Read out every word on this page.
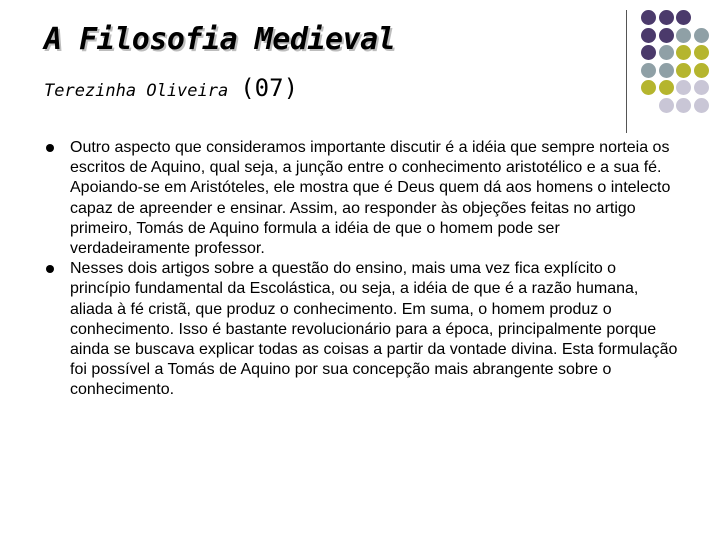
A Filosofia Medieval
Terezinha Oliveira (07)
Outro aspecto que consideramos importante discutir é a idéia que sempre norteia os escritos de Aquino, qual seja, a junção entre o conhecimento aristotélico e a sua fé. Apoiando-se em Aristóteles, ele mostra que é Deus quem dá aos homens o intelecto capaz de apreender e ensinar. Assim, ao responder às objeções feitas no artigo primeiro, Tomás de Aquino formula a idéia de que o homem pode ser verdadeiramente professor.
Nesses dois artigos sobre a questão do ensino, mais uma vez fica explícito o princípio fundamental da Escolástica, ou seja, a idéia de que é a razão humana, aliada à fé cristã, que produz o conhecimento. Em suma, o homem produz o conhecimento. Isso é bastante revolucionário para a época, principalmente porque ainda se buscava explicar todas as coisas a partir da vontade divina. Esta formulação foi possível a Tomás de Aquino por sua concepção mais abrangente sobre o conhecimento.
